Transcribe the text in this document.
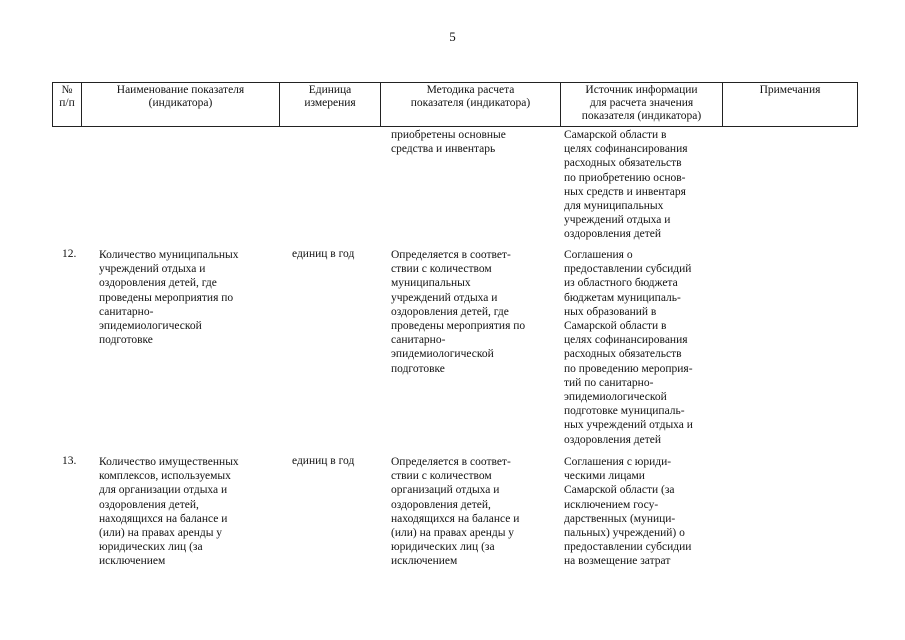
5
№
п/п
Наименование показателя
(индикатора)
Единица
измерения
Методика расчета
показателя (индикатора)
Источник информации
для расчета значения
показателя (индикатора)
Примечания
приобретены основные
средства и инвентарь
Самарской области в
целях софинансирования
расходных обязательств
по приобретению основ-
ных средств и инвентаря
для муниципальных
учреждений отдыха и
оздоровления детей
12. Количество муниципальных
учреждений отдыха и
оздоровления детей, где
проведены мероприятия по
санитарно-
эпидемиологической
подготовке
единиц в год	Определяется в соответ-
ствии с количеством
муниципальных
учреждений отдыха и
оздоровления детей, где
проведены мероприятия по
санитарно-
эпидемиологической
подготовке
Соглашения о
предоставлении субсидий
из областного бюджета
бюджетам муниципаль-
ных образований в
Самарской области в
целях софинансирования
расходных обязательств
по проведению мероприя-
тий по санитарно-
эпидемиологической
подготовке муниципаль-
ных учреждений отдыха и
оздоровления детей
13. Количество имущественных
комплексов, используемых
для организации отдыха и
оздоровления детей,
находящихся на балансе и
(или) на правах аренды у
юридических лиц (за
исключением
единиц в год	Определяется в соответ-
ствии с количеством
организаций отдыха и
оздоровления детей,
находящихся на балансе и
(или) на правах аренды у
юридических лиц (за
исключением
Соглашения с юриди-
ческими лицами
Самарской области (за
исключением госу-
дарственных (муници-
пальных) учреждений) о
предоставлении субсидии
на возмещение затрат
